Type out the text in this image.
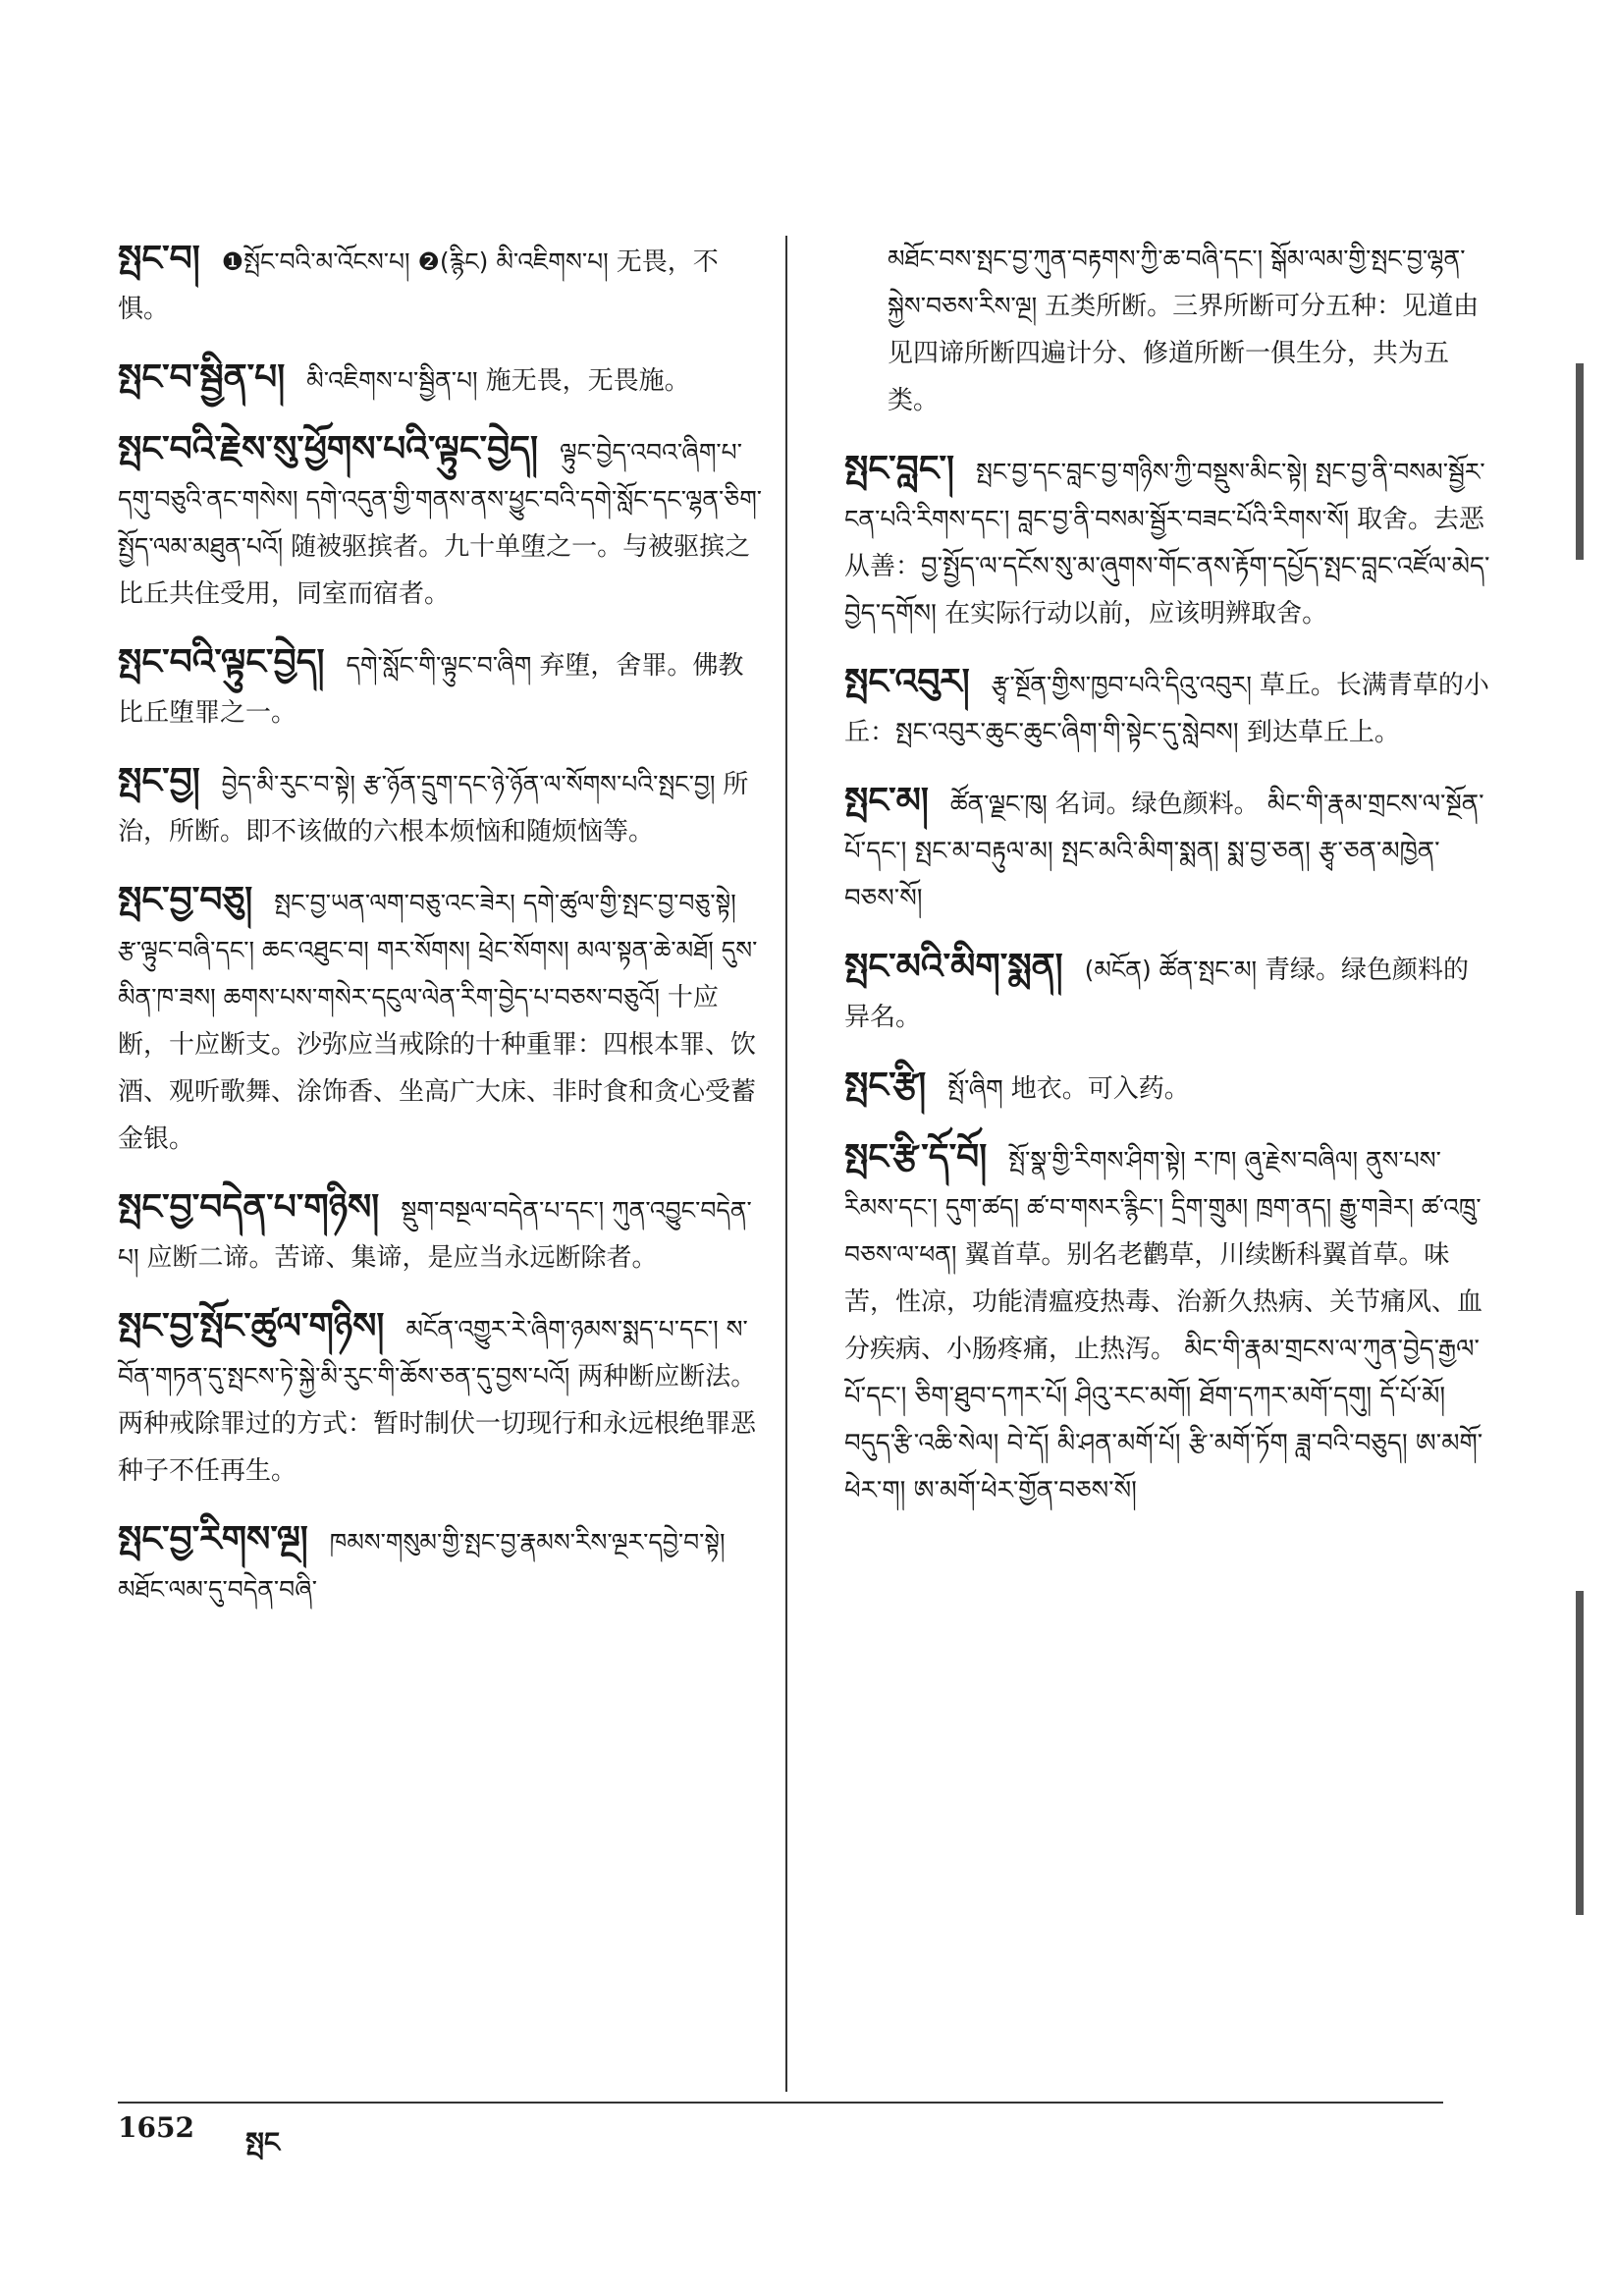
སྤང་བ། ❶སྤོང་བའི་མ་འོངས་པ། ❷(རྙིང) མི་འཇིགས་པ། 无畏，不惧。
སྤང་བ་སྦྱིན་པ། མི་འཇིགས་པ་སྦྱིན་པ། 施无畏，无畏施。
སྤང་བའི་རྗེས་སུ་ཕྱོགས་པའི་ལྟུང་བྱེད། ལྟུང་བྱེད་འབའ་ཞིག་པ་དགུ་བཅུའི་ནང་གསེས། དགེ་འདུན་གྱི་གནས་ནས་ཕྱུང་བའི་དགེ་སློང་དང་ལྷན་ཅིག་སྤྱོད་ལམ་མཐུན་པའོ། 随被驱摈者。九十单堕之一。与被驱摈之比丘共住受用，同室而宿者。
སྤང་བའི་ལྟུང་བྱེད། དགེ་སློང་གི་ལྟུང་བ་ཞིག 弃堕，舍罪。佛教比丘堕罪之一。
སྤང་བྱ། བྱེད་མི་རུང་བ་སྟེ། རྩ་ཉོན་དྲུག་དང་ཉེ་ཉོན་ལ་སོགས་པའི་སྤང་བྱ། 所治，所断。即不该做的六根本烦恼和随烦恼等。
སྤང་བྱ་བཅུ། སྤང་བྱ་ཡན་ལག་བཅུ་འང་ཟེར། དགེ་ཚུལ་གྱི་སྤང་བྱ་བཅུ་སྟེ། རྩ་ལྟུང་བཞི་དང་། ཆང་འཐུང་བ། གར་སོགས། ཕྲེང་སོགས། མལ་སྟན་ཆེ་མཐོ། དུས་མིན་ཁ་ཟས། ཆགས་པས་གསེར་དངུལ་ལེན་རིག་བྱེད་པ་བཅས་བཅུའོ། 十应断，十应断支。沙弥应当戒除的十种重罪：四根本罪、饮酒、观听歌舞、涂饰香、坐高广大床、非时食和贪心受蓄金银。
སྤང་བྱ་བདེན་པ་གཉིས། སྡུག་བསྔལ་བདེན་པ་དང་། ཀུན་འབྱུང་བདེན་པ། 应断二谛。苦谛、集谛，是应当永远断除者。
སྤང་བྱ་སྤོང་ཚུལ་གཉིས། མངོན་འགྱུར་རེ་ཞིག་ཉམས་སྨད་པ་དང་། ས་བོན་གཏན་དུ་སྤངས་ཏེ་སྐྱེ་མི་རུང་གི་ཆོས་ཅན་དུ་བྱས་པའོ། 两种断应断法。两种戒除罪过的方式：暂时制伏一切现行和永远根绝罪恶种子不任再生。
སྤང་བྱ་རིགས་ལྔ། ཁམས་གསུམ་གྱི་སྤང་བྱ་རྣམས་རིས་ལྔར་དབྱེ་བ་སྟེ། མཐོང་ལམ་དུ་བདེན་བཞི་
མཐོང་བས་སྤང་བྱ་ཀུན་བརྟགས་ཀྱི་ཆ་བཞི་དང་། སྒོམ་ལམ་གྱི་སྤང་བྱ་ལྷན་སྐྱེས་བཅས་རིས་ལྔ། 五类所断。三界所断可分五种：见道由见四谛所断四遍计分、修道所断一俱生分，共为五类。
སྤང་བླང་། སྤང་བྱ་དང་བླང་བྱ་གཉིས་ཀྱི་བསྡུས་མིང་སྟེ། སྤང་བྱ་ནི་བསམ་སྦྱོར་ངན་པའི་རིགས་དང་། བླང་བྱ་ནི་བསམ་སྦྱོར་བཟང་པོའི་རིགས་སོ། 取舍。去恶从善：བྱ་སྤྱོད་ལ་དངོས་སུ་མ་ཞུགས་གོང་ནས་རྟོག་དཔྱོད་སྤང་བླང་འཛོལ་མེད་བྱེད་དགོས། 在实际行动以前，应该明辨取舍。
སྤང་འབུར། རྩྭ་སྔོན་གྱིས་ཁྱབ་པའི་དིའུ་འབུར། 草丘。长满青草的小丘：སྤང་འབུར་ཆུང་ཆུང་ཞིག་གི་སྟེང་དུ་སླེབས། 到达草丘上。
སྤང་མ། ཚོན་ལྗང་ཁུ། 名词。绿色颜料。 མིང་གི་རྣམ་གྲངས་ལ་སྔོན་པོ་དང་། སྤང་མ་བརྟུལ་མ། སྤང་མའི་མིག་སྨན། སྨ་བྱ་ཅན། རྩྭ་ཅན་མཁྱེན་བཅས་སོ།
སྤང་མའི་མིག་སྨན། (མངོན) ཚོན་སྤང་མ། 青绿。绿色颜料的异名。
སྤང་རྩི། སྤོ་ཞིག 地衣。可入药。
སྤང་རྩི་དོ་བོ། སྤོ་སྣ་གྱི་རིགས་ཤིག་སྟེ། ཪ་ཁ། ཞུ་རྗེས་བཞིལ། ནུས་པས་རིམས་དང་། དུག་ཚད། ཚ་བ་གསར་རྙིང་། དྲིག་གྲུམ། ཁྲག་ནད། རྒྱུ་གཟེར། ཚ་འཁྲུ་བཅས་ལ་ཕན། 翼首草。别名老鹳草，川续断科翼首草。味苦，性凉，功能清瘟疫热毒、治新久热病、关节痛风、血分疾病、小肠疼痛，止热泻。 མིང་གི་རྣམ་གྲངས་ལ་ཀུན་བྱེད་རྒྱལ་པོ་དང་། ཅིག་ཐུབ་དཀར་པོ། ཤིའུ་རང་མགོ། ཐོག་དཀར་མགོ་དགུ། དོ་པོ་མོ། བདུད་རྩི་འཆི་སེལ། བེ་དོ། མི་ཤན་མགོ་པོ། རྩི་མགོ་ཏོག ཟླ་བའི་བཅུད། ཨ་མགོ་ཕེར་ག། ཨ་མགོ་ཕེར་གྱོན་བཅས་སོ།
1652 སྤང
